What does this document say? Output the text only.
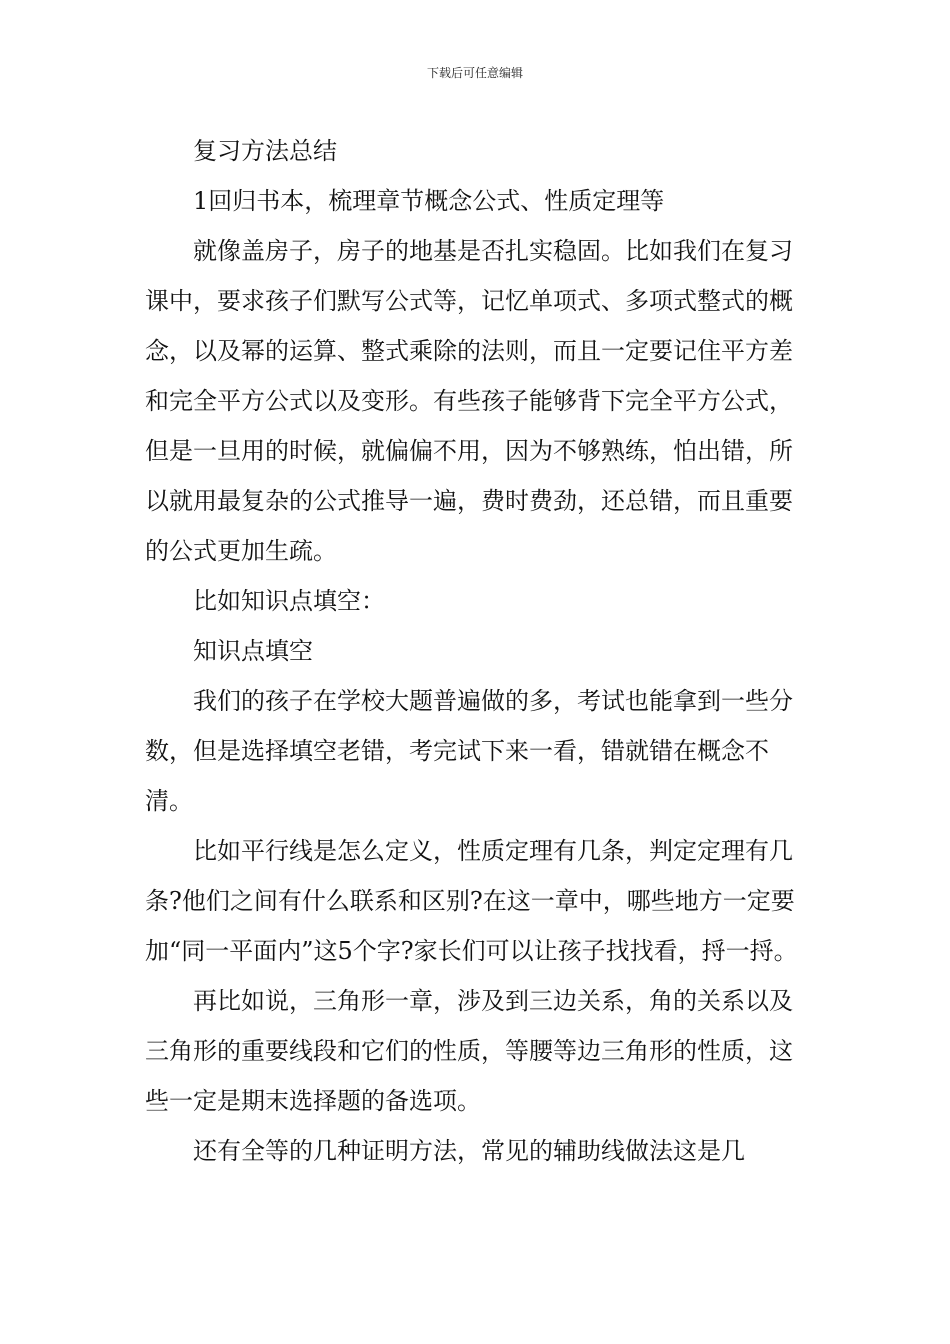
下载后可任意编辑

复习方法总结

1回归书本，梳理章节概念公式、性质定理等

就像盖房子，房子的地基是否扎实稳固。比如我们在复习课中，要求孩子们默写公式等，记忆单项式、多项式整式的概念，以及幂的运算、整式乘除的法则，而且一定要记住平方差和完全平方公式以及变形。有些孩子能够背下完全平方公式，但是一旦用的时候，就偏偏不用，因为不够熟练，怕出错，所以就用最复杂的公式推导一遍，费时费劲，还总错，而且重要的公式更加生疏。

比如知识点填空：

知识点填空

我们的孩子在学校大题普遍做的多，考试也能拿到一些分数，但是选择填空老错，考完试下来一看，错就错在概念不清。

比如平行线是怎么定义，性质定理有几条，判定定理有几条?他们之间有什么联系和区别?在这一章中，哪些地方一定要加“同一平面内”这5个字?家长们可以让孩子找找看，捋一捋。

再比如说，三角形一章，涉及到三边关系，角的关系以及三角形的重要线段和它们的性质，等腰等边三角形的性质，这些一定是期末选择题的备选项。

还有全等的几种证明方法，常见的辅助线做法这是几
